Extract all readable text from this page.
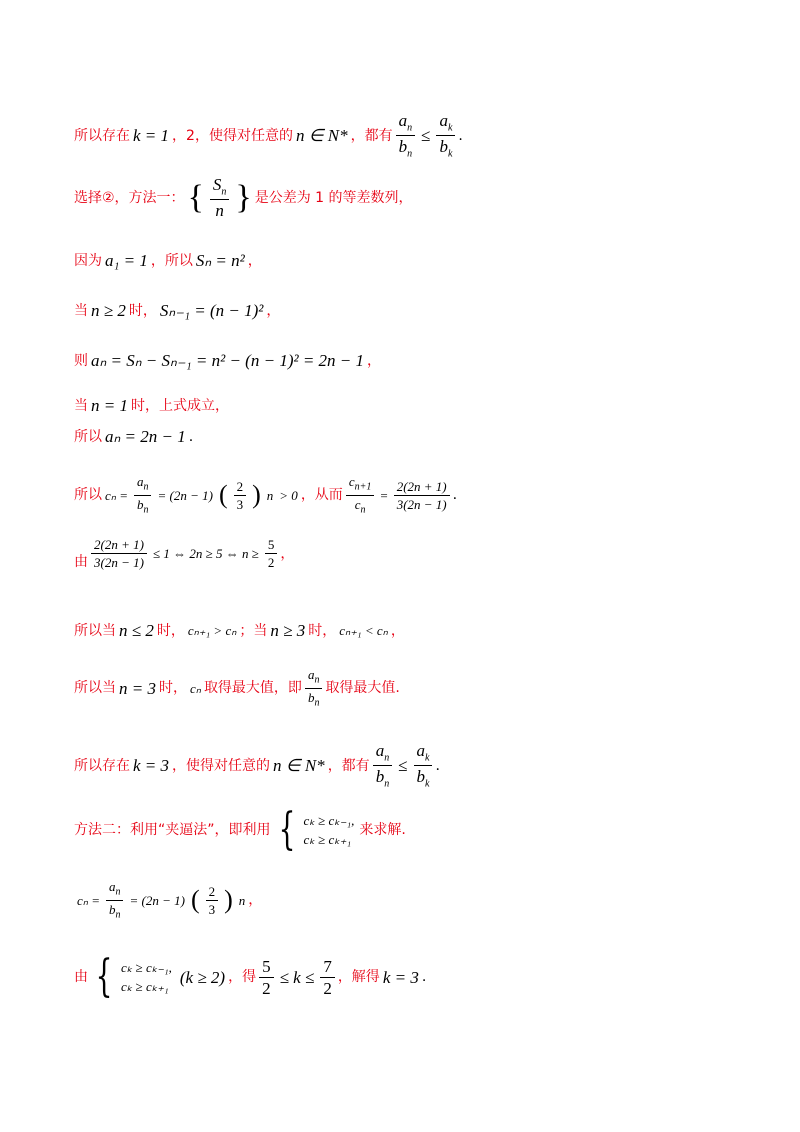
所以存在 k = 1 ，2，使得对任意的 n ∈ N* ，都有 $\frac{a_n}{b_n} \le \frac{a_k}{b_k}$ .
选择②，方法一： { $\frac{S_n}{n}$ } 是公差为 1 的等差数列，
因为 a₁ = 1 ，所以 Sₙ = n² ，
当 n ≥ 2 时， Sₙ₋₁ = (n − 1)² ，
则 aₙ = Sₙ − Sₙ₋₁ = n² − (n − 1)² = 2n − 1 ，
当 n = 1 时，上式成立，
所以 aₙ = 2n − 1 .
所以 $c_n = \frac{a_n}{b_n} = (2n - 1)$ ( $\frac{2}{3}$ ) n > 0 ，从而 $\frac{c_{n+1}}{c_n} = \frac{2(2n + 1)}{3(2n - 1)}$ .
由 $\frac{2(2n + 1)}{3(2n - 1)} \le 1$ ⇔ 2n ≥ 5 ⇔ $n \ge \frac{5}{2}$ ，
所以当 n ≤ 2 时， cₙ₊₁ > cₙ ；当 n ≥ 3 时， cₙ₊₁ < cₙ ，
所以当 n = 3 时， cₙ 取得最大值，即 $\frac{a_n}{b_n}$ 取得最大值.
所以存在 k = 3 ，使得对任意的 n ∈ N* ，都有 $\frac{a_n}{b_n} \le \frac{a_k}{b_k}$ .
方法二：利用“夹逼法”，即利用 { cₖ ≥ cₖ₋₁,
cₖ ≥ cₖ₊₁
来求解.
$c_n = \frac{a_n}{b_n} = (2n - 1)$ ( $\frac{2}{3}$ ) n ，
由 { cₖ ≥ cₖ₋₁,
cₖ ≥ cₖ₊₁ (k ≥ 2) ，得 $\frac{5}{2} \le k \le \frac{7}{2}$ ，解得 k = 3 .
